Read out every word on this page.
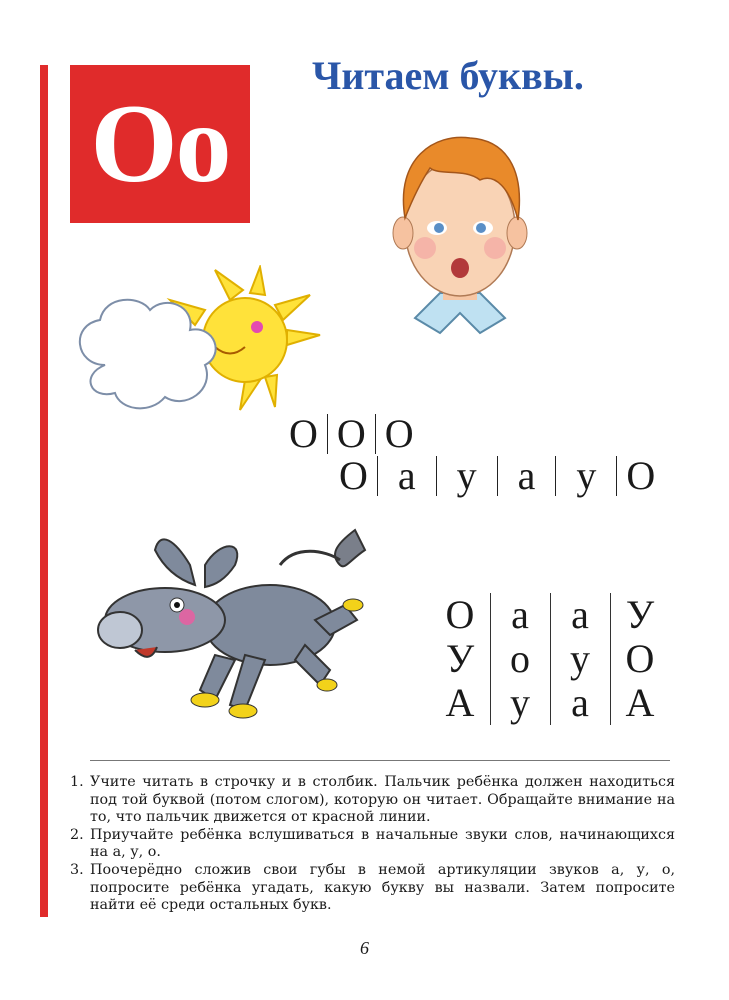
Оо
Читаем буквы.
О О О
О а	у	а	у О
О а	а У
У о	у О
А у	а А
1. Учите читать в строчку и в столбик. Пальчик ребёнка должен находиться под той буквой (потом слогом), которую он читает. Обращайте внимание на то, что пальчик движется от красной линии.
2. Приучайте ребёнка вслушиваться в начальные звуки слов, начинающихся на а, у, о.
3. Поочерёдно сложив свои губы в немой артикуляции звуков а, у, о, попросите ребёнка угадать, какую букву вы назвали. Затем попросите найти её среди остальных букв.
6
